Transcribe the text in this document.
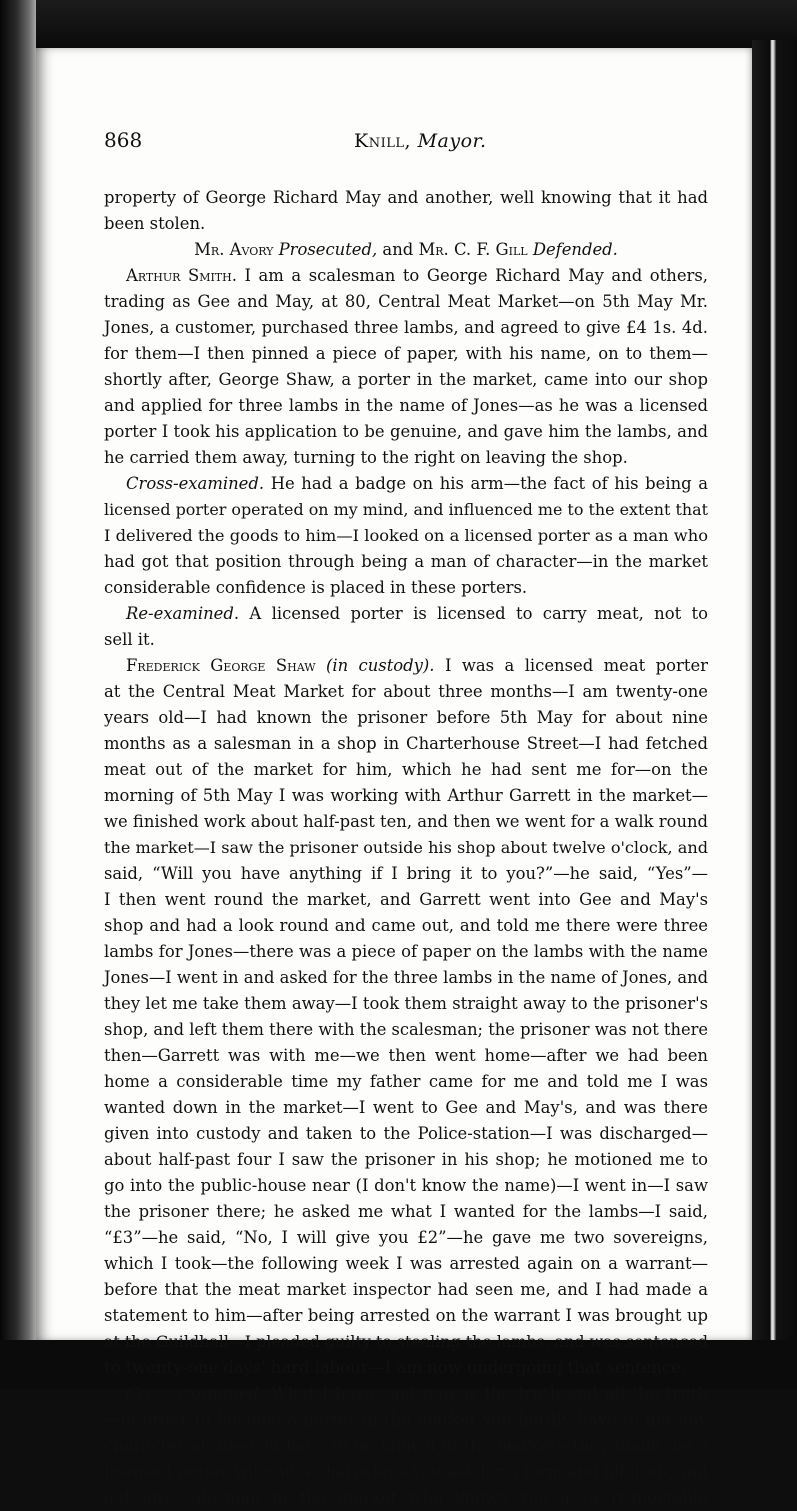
868	Knill, Mayor.
property of George Richard May and another, well knowing that it had
been stolen.
Mr. Avory Prosecuted, and Mr. C. F. Gill Defended.
Arthur Smith. I am a scalesman to George Richard May and others,
trading as Gee and May, at 80, Central Meat Market—on 5th May Mr.
Jones, a customer, purchased three lambs, and agreed to give £4 1s. 4d.
for them—I then pinned a piece of paper, with his name, on to them—
shortly after, George Shaw, a porter in the market, came into our shop
and applied for three lambs in the name of Jones—as he was a licensed
porter I took his application to be genuine, and gave him the lambs, and
he carried them away, turning to the right on leaving the shop.
Cross-examined. He had a badge on his arm—the fact of his being a
licensed porter operated on my mind, and influenced me to the extent that
I delivered the goods to him—I looked on a licensed porter as a man who
had got that position through being a man of character—in the market
considerable confidence is placed in these porters.
Re-examined. A licensed porter is licensed to carry meat, not to
sell it.
Frederick George Shaw (in custody). I was a licensed meat porter
at the Central Meat Market for about three months—I am twenty-one
years old—I had known the prisoner before 5th May for about nine
months as a salesman in a shop in Charterhouse Street—I had fetched
meat out of the market for him, which he had sent me for—on the
morning of 5th May I was working with Arthur Garrett in the market—
we finished work about half-past ten, and then we went for a walk round
the market—I saw the prisoner outside his shop about twelve o'clock, and
said, “Will you have anything if I bring it to you?”—he said, “Yes”—
I then went round the market, and Garrett went into Gee and May's
shop and had a look round and came out, and told me there were three
lambs for Jones—there was a piece of paper on the lambs with the name
Jones—I went in and asked for the three lambs in the name of Jones, and
they let me take them away—I took them straight away to the prisoner's
shop, and left them there with the scalesman; the prisoner was not there
then—Garrett was with me—we then went home—after we had been
home a considerable time my father came for me and told me I was
wanted down in the market—I went to Gee and May's, and was there
given into custody and taken to the Police-station—I was discharged—
about half-past four I saw the prisoner in his shop; he motioned me to
go into the public-house near (I don't know the name)—I went in—I saw
the prisoner there; he asked me what I wanted for the lambs—I said,
“£3”—he said, “No, I will give you £2”—he gave me two sovereigns,
which I took—the following week I was arrested again on a warrant—
before that the meat market inspector had seen me, and I had made a
statement to him—after being arrested on the warrant I was brought up
at the Guildhall—I pleaded guilty to stealing the lambs, and was sentenced
to twenty-one days' hard labour—I am now undergoing that sentence.
Cross-examined. What I have said now is the truth and all the truth
—in order to become a porter in the market you hardly have to get any
character at all—you have to be known in the market—they made me a
licensed porter without a character—you ask for a form and fill it up, and
get any salesman in the market who knows you as a respectable
